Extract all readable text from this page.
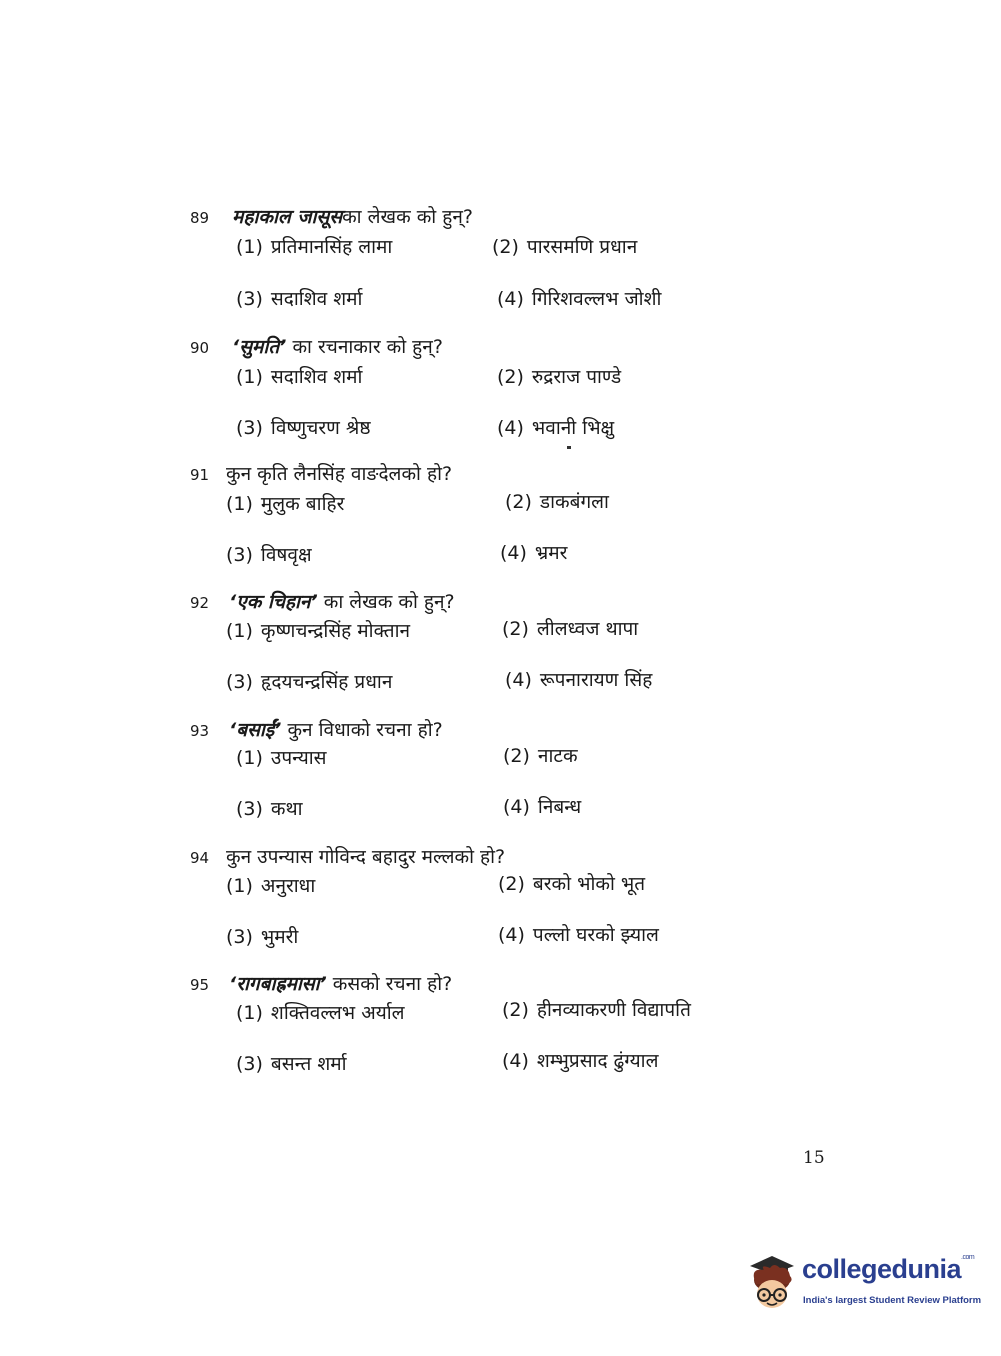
89 महाकाल जासूसका लेखक को हुन्?
(1) प्रतिमानसिंह लामा	(2) पारसमणि प्रधान
(3) सदाशिव शर्मा	(4) गिरिशवल्लभ जोशी
90 ‘सुमति’ का रचनाकार को हुन्?
(1) सदाशिव शर्मा	(2) रुद्रराज पाण्डे
(3) विष्णुचरण श्रेष्ठ	(4) भवानी भिक्षु
91 कुन कृति लैनसिंह वाङदेलको हो?
(1) मुलुक बाहिर	(2) डाकबंगला
(3) विषवृक्ष	(4) भ्रमर
92 ‘एक चिहान’ का लेखक को हुन्?
(1) कृष्णचन्द्रसिंह मोक्तान	(2) लीलध्वज थापा
(3) हृदयचन्द्रसिंह प्रधान	(4) रूपनारायण सिंह
93 ‘बसाईं’ कुन विधाको रचना हो?
(1) उपन्यास	(2) नाटक
(3) कथा	(4) निबन्ध
94 कुन उपन्यास गोविन्द बहादुर मल्लको हो?
(1) अनुराधा	(2) बरको भोको भूत
(3) भुमरी	(4) पल्लो घरको झ्याल
95 ‘रागबाह्रमासा’ कसको रचना हो?
(1) शक्तिवल्लभ अर्याल	(2) हीनव्याकरणी विद्यापति
(3) बसन्त शर्मा	(4) शम्भुप्रसाद ढुंग्याल
15
collegedunia$^{.com}$
India's largest Student Review Platform
